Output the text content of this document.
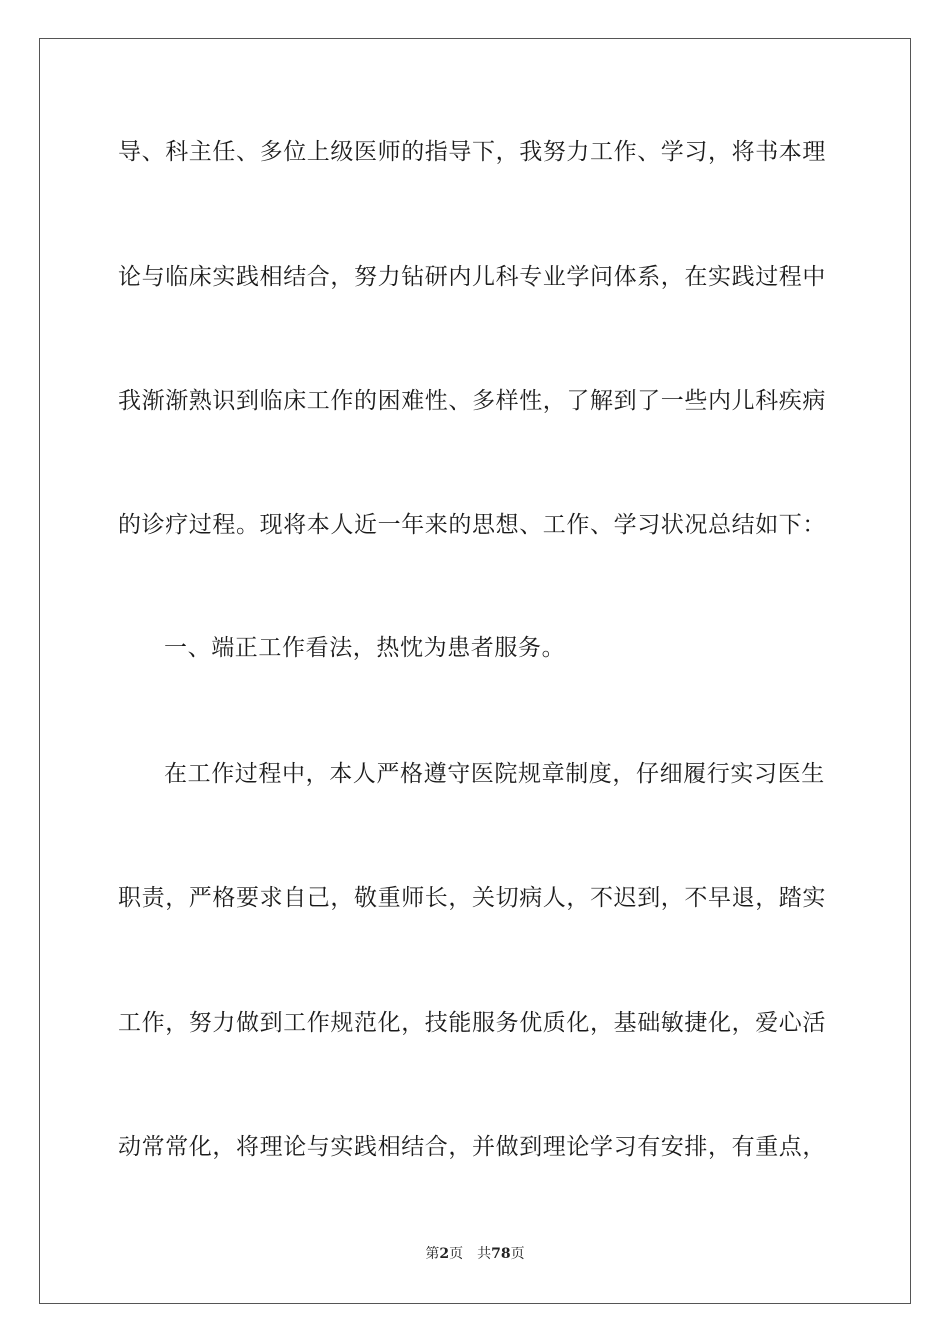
导、科主任、多位上级医师的指导下，我努力工作、学习，将书本理
论与临床实践相结合，努力钻研内儿科专业学问体系，在实践过程中
我渐渐熟识到临床工作的困难性、多样性，了解到了一些内儿科疾病
的诊疗过程。现将本人近一年来的思想、工作、学习状况总结如下：
一、端正工作看法，热忱为患者服务。
在工作过程中，本人严格遵守医院规章制度，仔细履行实习医生
职责，严格要求自己，敬重师长，关切病人，不迟到，不早退，踏实
工作，努力做到工作规范化，技能服务优质化，基础敏捷化，爱心活
动常常化，将理论与实践相结合，并做到理论学习有安排，有重点，
第2页 共78页
